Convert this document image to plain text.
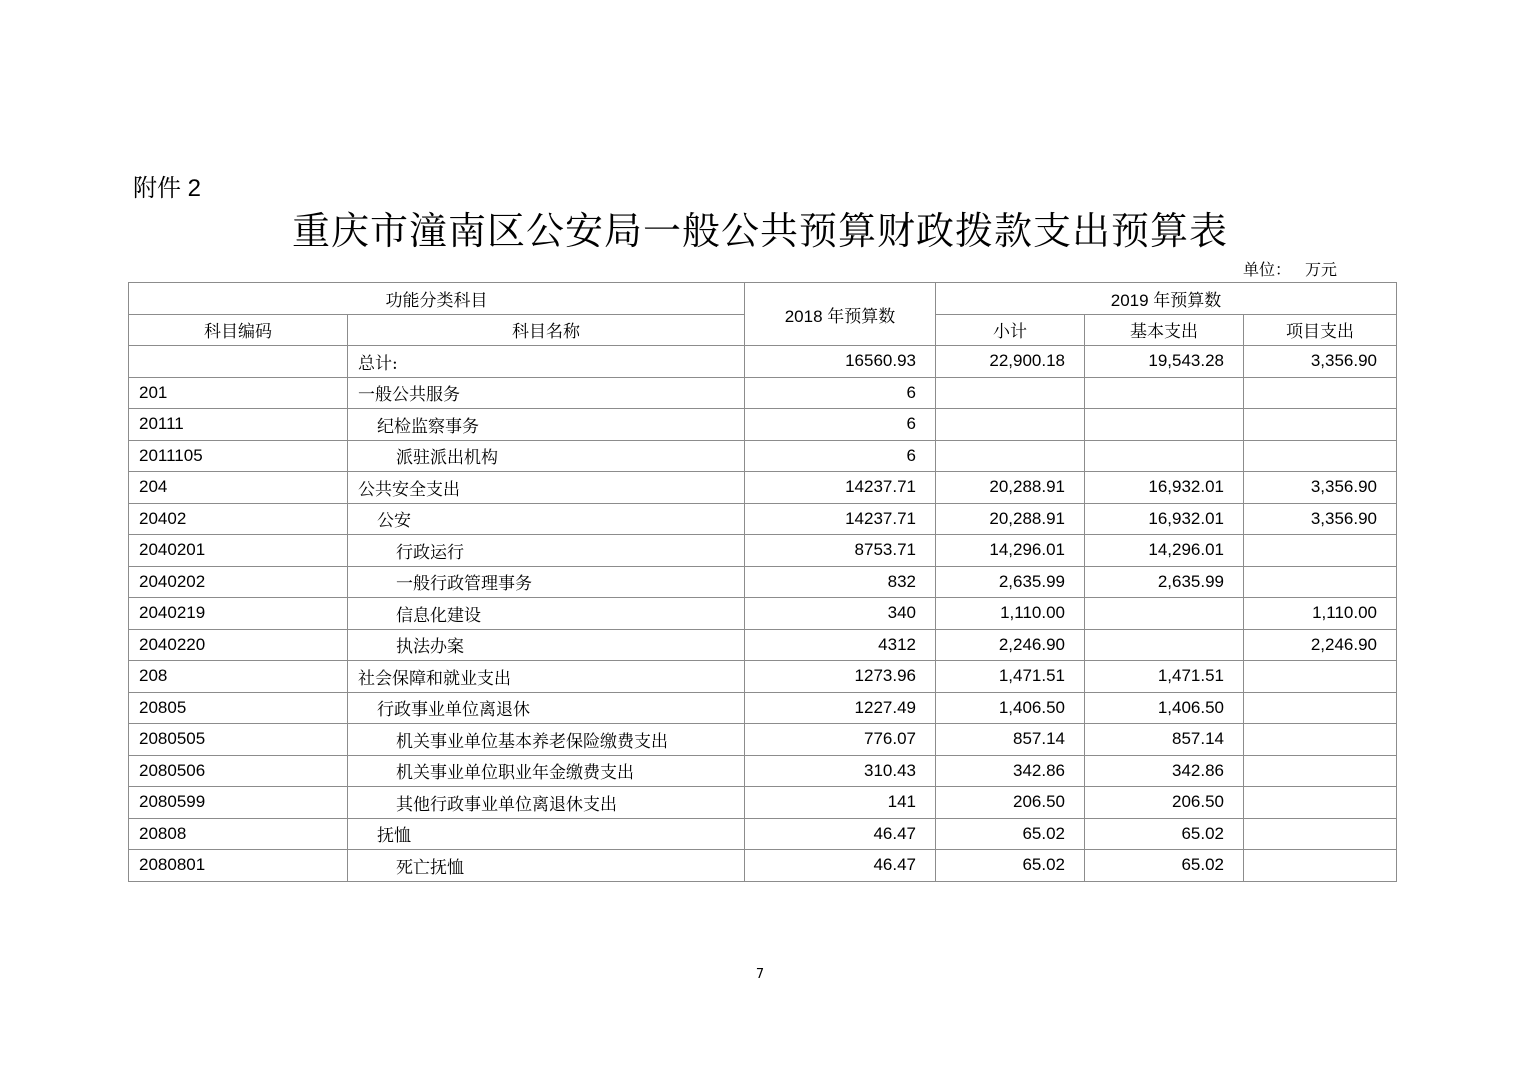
附件 2
重庆市潼南区公安局一般公共预算财政拨款支出预算表
单位： 万元
功能分类科目		2018 年预算数	2019 年预算数		
科目编码	科目名称		小计	基本支出	项目支出
	总计:	16560.93	22,900.18	19,543.28	3,356.90
201	一般公共服务	6			
20111	纪检监察事务	6			
2011105	派驻派出机构	6			
204	公共安全支出	14237.71	20,288.91	16,932.01	3,356.90
20402	公安	14237.71	20,288.91	16,932.01	3,356.90
2040201	行政运行	8753.71	14,296.01	14,296.01	
2040202	一般行政管理事务	832	2,635.99	2,635.99	
2040219	信息化建设	340	1,110.00		1,110.00
2040220	执法办案	4312	2,246.90		2,246.90
208	社会保障和就业支出	1273.96	1,471.51	1,471.51	
20805	行政事业单位离退休	1227.49	1,406.50	1,406.50	
2080505	机关事业单位基本养老保险缴费支出	776.07	857.14	857.14	
2080506	机关事业单位职业年金缴费支出	310.43	342.86	342.86	
2080599	其他行政事业单位离退休支出	141	206.50	206.50	
20808	抚恤	46.47	65.02	65.02	
2080801	死亡抚恤	46.47	65.02	65.02	
7
